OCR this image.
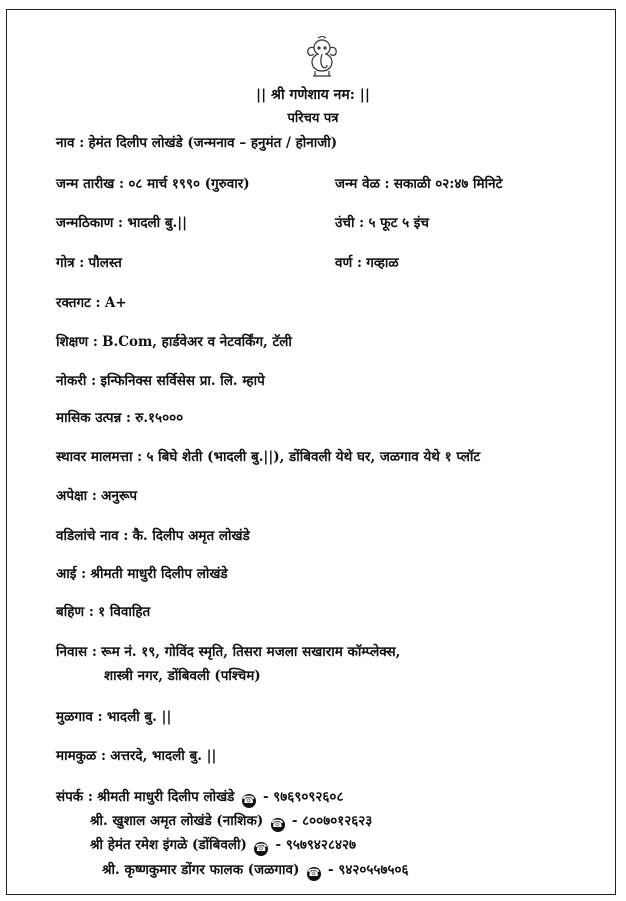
|| श्री गणेशाय नम: ||
परिचय पत्र
नाव : हेमंत दिलीप लोखंडे (जन्मनाव – हनुमंत / होनाजी)
जन्म तारीख : ०८ मार्च १९९० (गुरुवार)	जन्म वेळ : सकाळी ०२:४७ मिनिटे
जन्मठिकाण : भादली बु.||	उंची : ५ फूट ५ इंच
गोत्र : पौलस्त	वर्ण : गव्हाळ
रक्तगट : A+
शिक्षण : B.Com, हार्डवेअर व नेटवर्किंग, टॅली
नोकरी : इन्फिनिक्स सर्विसेस प्रा. लि. म्हापे
मासिक उत्पन्न : रु.१५०००
स्थावर मालमत्ता : ५ बिघे शेती (भादली बु.||), डोंबिवली येथे घर, जळगाव येथे १ प्लॉट
अपेक्षा : अनुरूप
वडिलांचे नाव : कै. दिलीप अमृत लोखंडे
आई : श्रीमती माधुरी दिलीप लोखंडे
बहिण : १ विवाहित
निवास : रूम नं. १९, गोविंद स्मृति, तिसरा मजला सखाराम कॉम्प्लेक्स,
शास्त्री नगर, डोंबिवली (पश्चिम)
मुळगाव : भादली बु. ||
मामकुळ : अत्तरदे, भादली बु. ||
संपर्क : श्रीमती माधुरी दिलीप लोखंडे ☎ - ९७६९०९२६०८
श्री. खुशाल अमृत लोखंडे (नाशिक) ☎ - ८००७०१२६२३
श्री हेमंत रमेश इंगळे (डोंबिवली) ☎ - ९५७९४२८४२७
श्री. कृष्णकुमार डोंगर फालक (जळगाव) ☎ - ९४२०५५७५०६
